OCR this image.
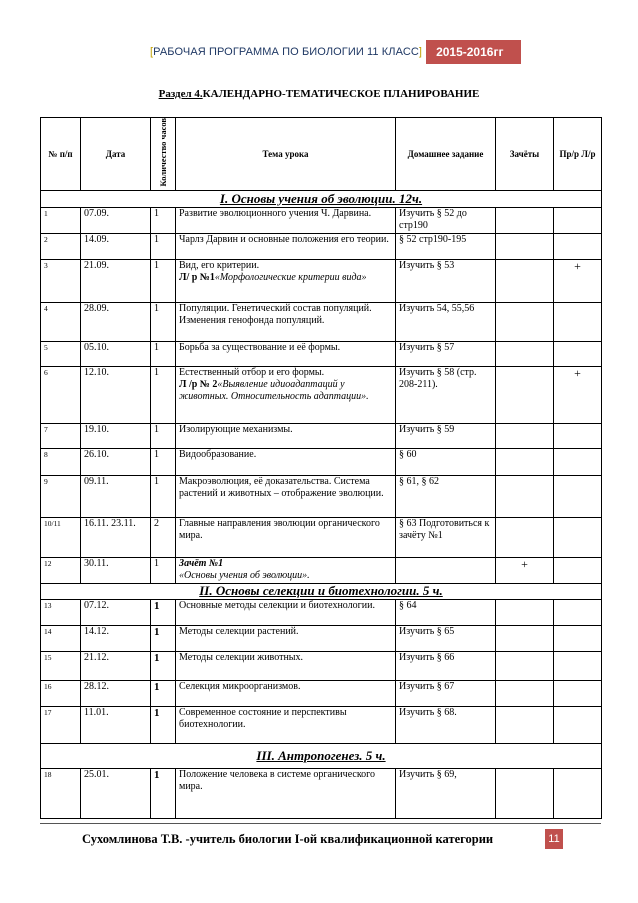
[РАБОЧАЯ ПРОГРАММА ПО БИОЛОГИИ 11 КЛАСС]	2015-2016гг
Раздел 4.КАЛЕНДАРНО-ТЕМАТИЧЕСКОЕ ПЛАНИРОВАНИЕ
№ п/п	Дата	Количество часов	Тема урока	Домашнее задание	Зачёты	Пр/р Л/р
I. Основы учения об эволюции. 12ч.						
1	07.09.	1	Развитие эволюционного учения Ч. Дарвина.	Изучить § 52 до стр190		
2	14.09.	1	Чарлз Дарвин и основные положения его теории.	§ 52 стр190-195		
3	21.09.	1	Вид, его критерии.
Л/ р №1«Морфологические критерии вида»	Изучить § 53		+
4	28.09.	1	Популяции. Генетический состав популяций. Изменения генофонда популяций.	Изучить 54, 55,56		
5	05.10.	1	Борьба за существование и её формы.	Изучить § 57		
6	12.10.	1	Естественный отбор и его формы.
Л /р № 2«Выявление идиоадаптаций у животных. Относительность адаптации».	Изучить § 58 (стр. 208-211).		+
7	19.10.	1	Изолирующие механизмы.	Изучить § 59		
8	26.10.	1	Видообразование.	§ 60		
9	09.11.	1	Макроэволюция, её доказательства. Система растений и животных – отображение эволюции.	§ 61, § 62		
10/11	16.11. 23.11.	2	Главные направления эволюции органического мира.	§ 63 Подготовиться к зачёту №1		
12	30.11.	1	Зачёт №1
«Основы учения об эволюции».		+	
II. Основы селекции и биотехнологии. 5 ч.						
13	07.12.	1	Основные методы селекции и биотехнологии.	§ 64		
14	14.12.	1	Методы селекции растений.	Изучить § 65		
15	21.12.	1	Методы селекции животных.	Изучить § 66		
16	28.12.	1	Селекция микроорганизмов.	Изучить § 67		
17	11.01.	1	Современное состояние и перспективы биотехнологии.	Изучить § 68.		
III. Антропогенез. 5 ч.						
18	25.01.	1	Положение человека в системе органического мира.	Изучить § 69,		
Сухомлинова Т.В. -учитель биологии I-ой квалификационной категории	11
